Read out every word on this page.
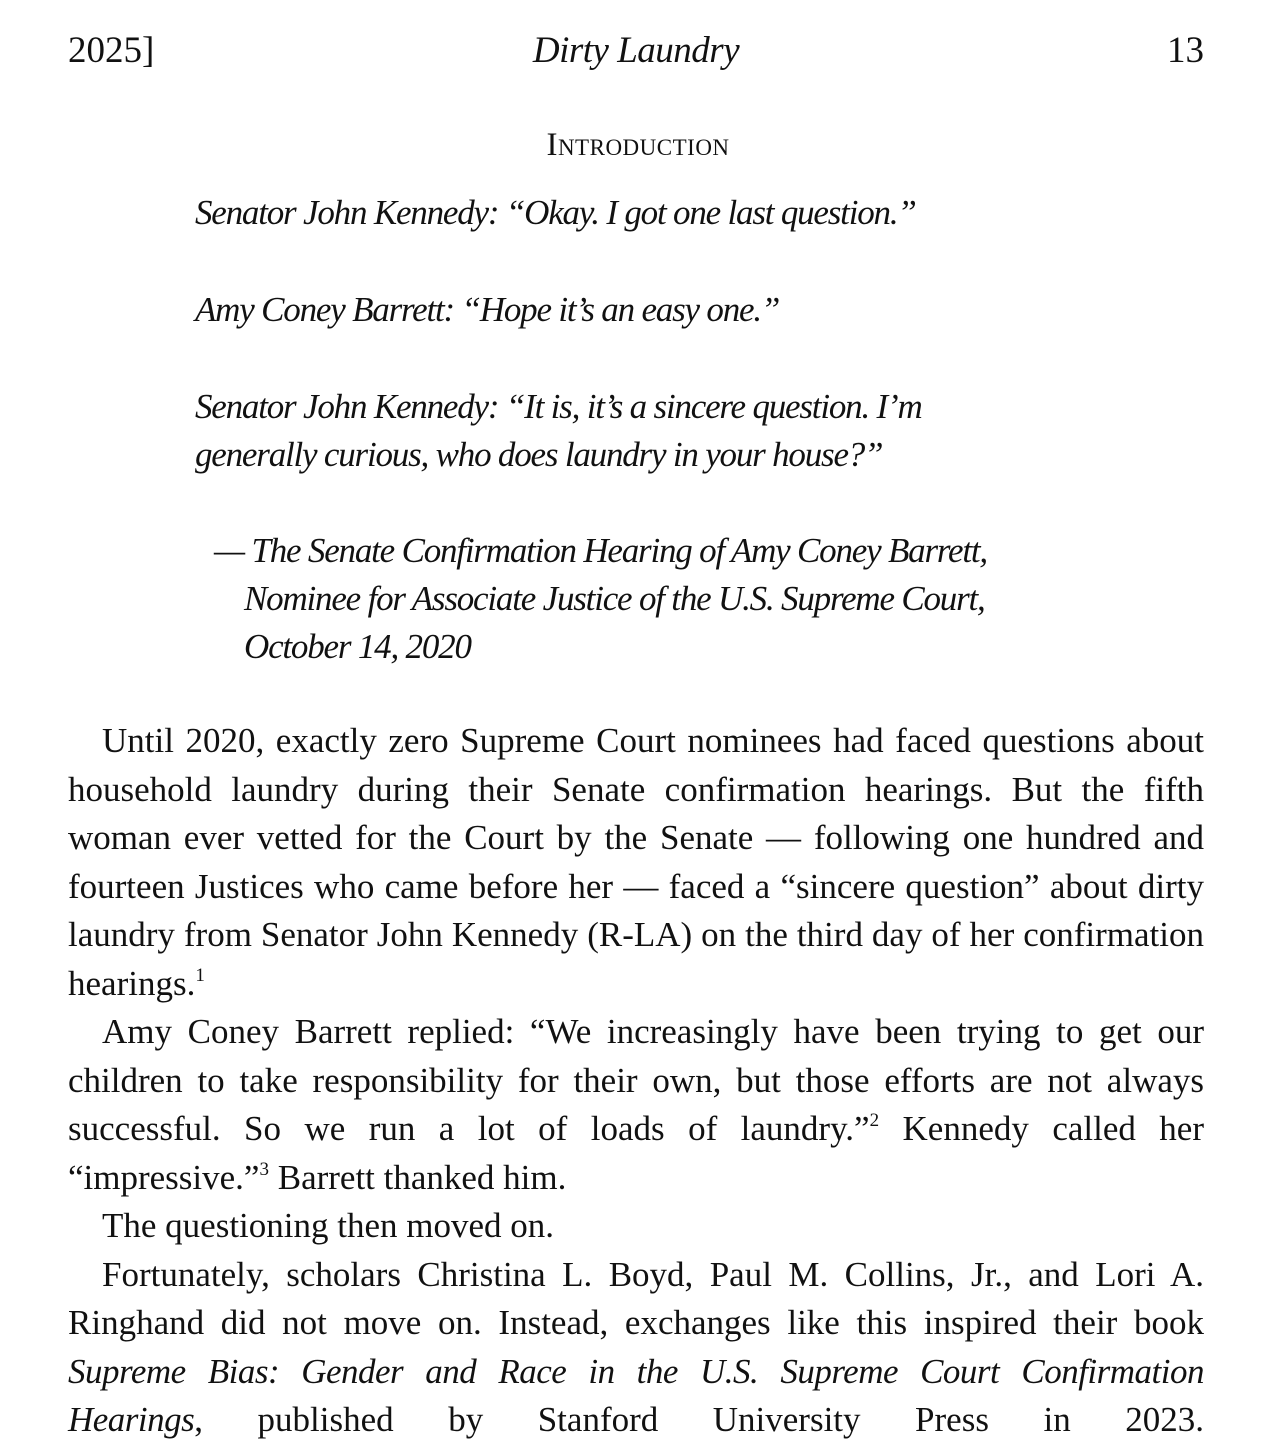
2025]	Dirty Laundry	13
Introduction
Senator John Kennedy: “Okay. I got one last question.”
Amy Coney Barrett: “Hope it’s an easy one.”
Senator John Kennedy: “It is, it’s a sincere question. I’m
generally curious, who does laundry in your house?”
— The Senate Confirmation Hearing of Amy Coney Barrett,
Nominee for Associate Justice of the U.S. Supreme Court,
October 14, 2020

Until 2020, exactly zero Supreme Court nominees had faced questions about household laundry during their Senate confirmation hearings. But the fifth woman ever vetted for the Court by the Senate — following one hundred and fourteen Justices who came before her — faced a “sincere question” about dirty laundry from Senator John Kennedy (R-LA) on the third day of her confirmation hearings.$^1$

Amy Coney Barrett replied: “We increasingly have been trying to get our children to take responsibility for their own, but those efforts are not always successful. So we run a lot of loads of laundry.”$^2$ Kennedy called her “impressive.”$^3$ Barrett thanked him.

The questioning then moved on.

Fortunately, scholars Christina L. Boyd, Paul M. Collins, Jr., and Lori A. Ringhand did not move on. Instead, exchanges like this inspired their book Supreme Bias: Gender and Race in the U.S. Supreme Court Confirmation Hearings, published by Stanford University Press in 2023.
